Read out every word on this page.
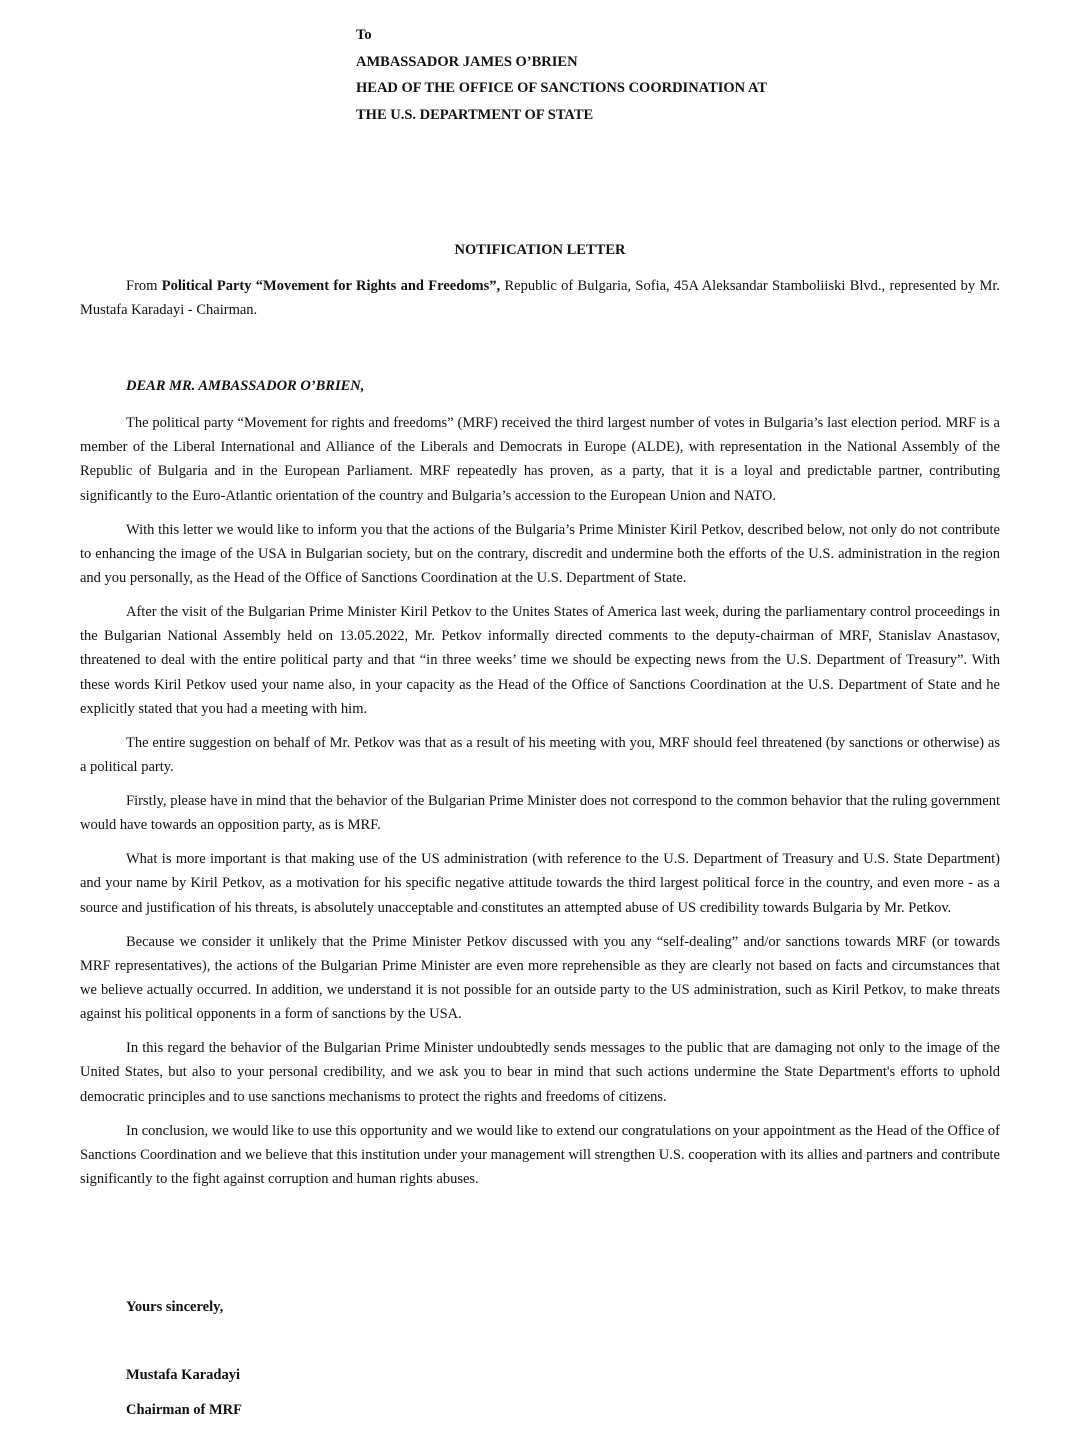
To
AMBASSADOR JAMES O’BRIEN
HEAD OF THE OFFICE OF SANCTIONS COORDINATION AT
THE U.S. DEPARTMENT OF STATE
NOTIFICATION LETTER

From Political Party “Movement for Rights and Freedoms”, Republic of Bulgaria, Sofia, 45A Aleksandar Stamboliiski Blvd., represented by Mr. Mustafa Karadayi - Chairman.

DEAR MR. AMBASSADOR O’BRIEN,

The political party “Movement for rights and freedoms” (MRF) received the third largest number of votes in Bulgaria’s last election period. MRF is a member of the Liberal International and Alliance of the Liberals and Democrats in Europe (ALDE), with representation in the National Assembly of the Republic of Bulgaria and in the European Parliament. MRF repeatedly has proven, as a party, that it is a loyal and predictable partner, contributing significantly to the Euro-Atlantic orientation of the country and Bulgaria’s accession to the European Union and NATO.

With this letter we would like to inform you that the actions of the Bulgaria’s Prime Minister Kiril Petkov, described below, not only do not contribute to enhancing the image of the USA in Bulgarian society, but on the contrary, discredit and undermine both the efforts of the U.S. administration in the region and you personally, as the Head of the Office of Sanctions Coordination at the U.S. Department of State.

After the visit of the Bulgarian Prime Minister Kiril Petkov to the Unites States of America last week, during the parliamentary control proceedings in the Bulgarian National Assembly held on 13.05.2022, Mr. Petkov informally directed comments to the deputy-chairman of MRF, Stanislav Anastasov, threatened to deal with the entire political party and that “in three weeks’ time we should be expecting news from the U.S. Department of Treasury”. With these words Kiril Petkov used your name also, in your capacity as the Head of the Office of Sanctions Coordination at the U.S. Department of State and he explicitly stated that you had a meeting with him.

The entire suggestion on behalf of Mr. Petkov was that as a result of his meeting with you, MRF should feel threatened (by sanctions or otherwise) as a political party.

Firstly, please have in mind that the behavior of the Bulgarian Prime Minister does not correspond to the common behavior that the ruling government would have towards an opposition party, as is MRF.

What is more important is that making use of the US administration (with reference to the U.S. Department of Treasury and U.S. State Department) and your name by Kiril Petkov, as a motivation for his specific negative attitude towards the third largest political force in the country, and even more - as a source and justification of his threats, is absolutely unacceptable and constitutes an attempted abuse of US credibility towards Bulgaria by Mr. Petkov.

Because we consider it unlikely that the Prime Minister Petkov discussed with you any “self-dealing” and/or sanctions towards MRF (or towards MRF representatives), the actions of the Bulgarian Prime Minister are even more reprehensible as they are clearly not based on facts and circumstances that we believe actually occurred. In addition, we understand it is not possible for an outside party to the US administration, such as Kiril Petkov, to make threats against his political opponents in a form of sanctions by the USA.

In this regard the behavior of the Bulgarian Prime Minister undoubtedly sends messages to the public that are damaging not only to the image of the United States, but also to your personal credibility, and we ask you to bear in mind that such actions undermine the State Department's efforts to uphold democratic principles and to use sanctions mechanisms to protect the rights and freedoms of citizens.

In conclusion, we would like to use this opportunity and we would like to extend our congratulations on your appointment as the Head of the Office of Sanctions Coordination and we believe that this institution under your management will strengthen U.S. cooperation with its allies and partners and contribute significantly to the fight against corruption and human rights abuses.

Yours sincerely,
Mustafa Karadayi
Chairman of MRF
